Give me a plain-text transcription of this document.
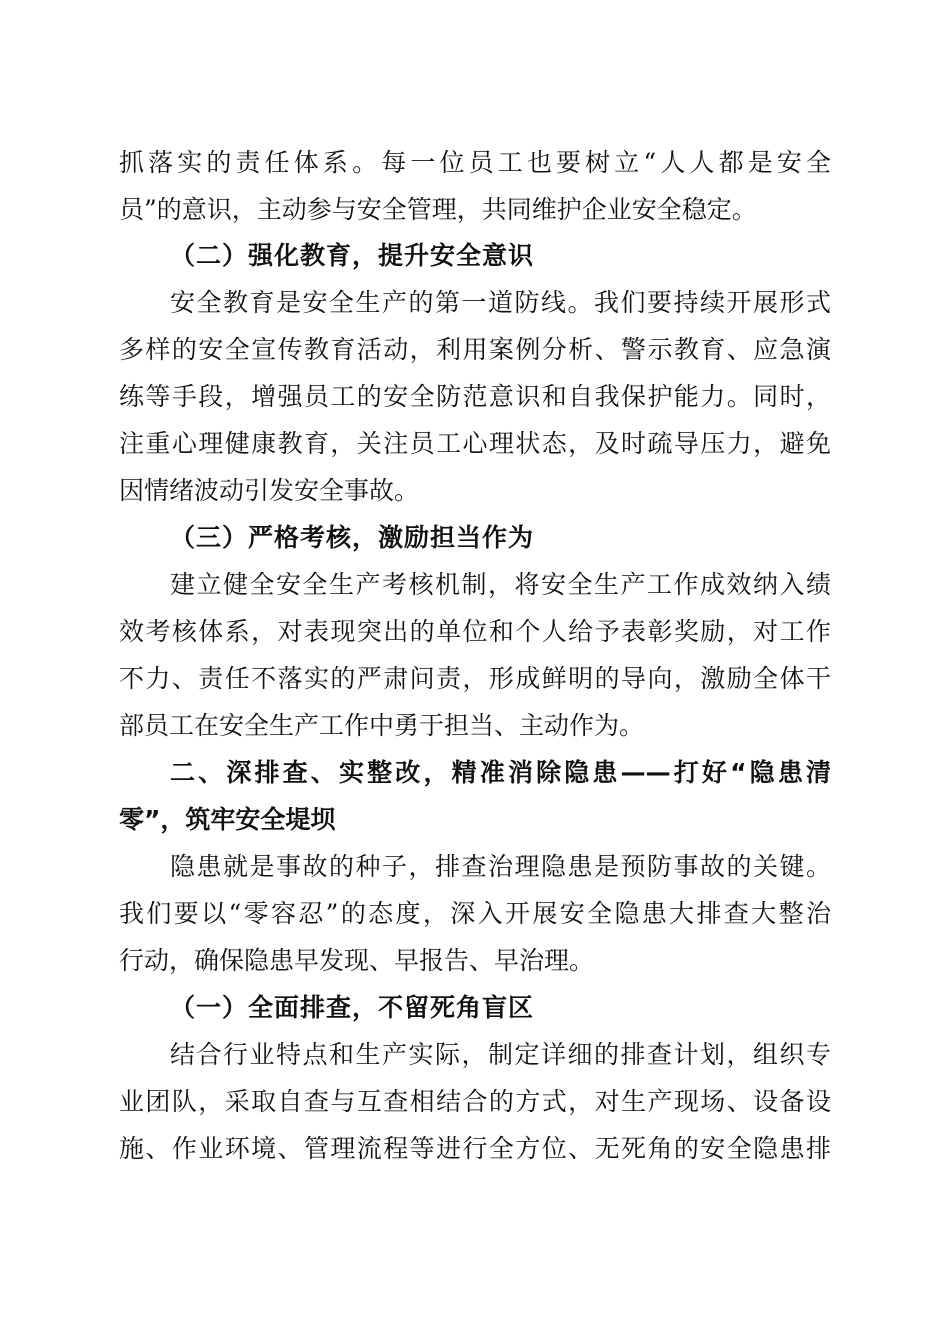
抓落实的责任体系。每一位员工也要树立“人人都是安全
员”的意识，主动参与安全管理，共同维护企业安全稳定。
（二）强化教育，提升安全意识
安全教育是安全生产的第一道防线。我们要持续开展形式
多样的安全宣传教育活动，利用案例分析、警示教育、应急演
练等手段，增强员工的安全防范意识和自我保护能力。同时，
注重心理健康教育，关注员工心理状态，及时疏导压力，避免
因情绪波动引发安全事故。
（三）严格考核，激励担当作为
建立健全安全生产考核机制，将安全生产工作成效纳入绩
效考核体系，对表现突出的单位和个人给予表彰奖励，对工作
不力、责任不落实的严肃问责，形成鲜明的导向，激励全体干
部员工在安全生产工作中勇于担当、主动作为。
二、深排查、实整改，精准消除隐患——打好“隐患清
零”，筑牢安全堤坝
隐患就是事故的种子，排查治理隐患是预防事故的关键。
我们要以“零容忍”的态度，深入开展安全隐患大排查大整治
行动，确保隐患早发现、早报告、早治理。
（一）全面排查，不留死角盲区
结合行业特点和生产实际，制定详细的排查计划，组织专
业团队，采取自查与互查相结合的方式，对生产现场、设备设
施、作业环境、管理流程等进行全方位、无死角的安全隐患排
